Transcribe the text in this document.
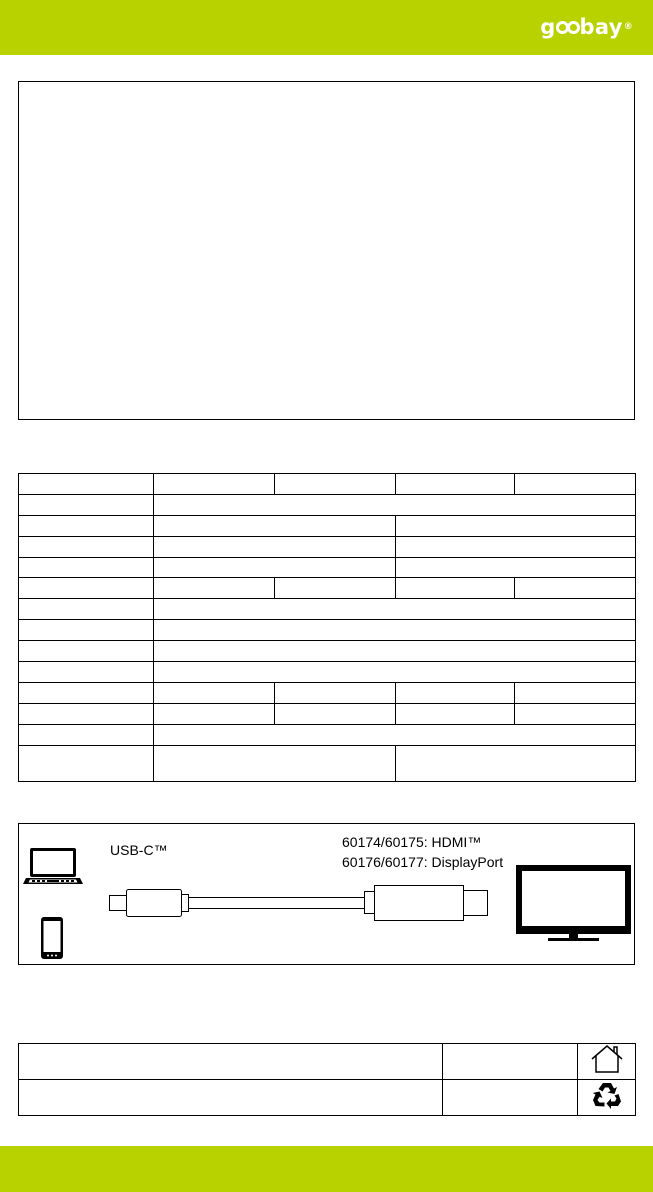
g bay ®

USB-C™	60174/60175: HDMI™
60176/60177: DisplayPort
